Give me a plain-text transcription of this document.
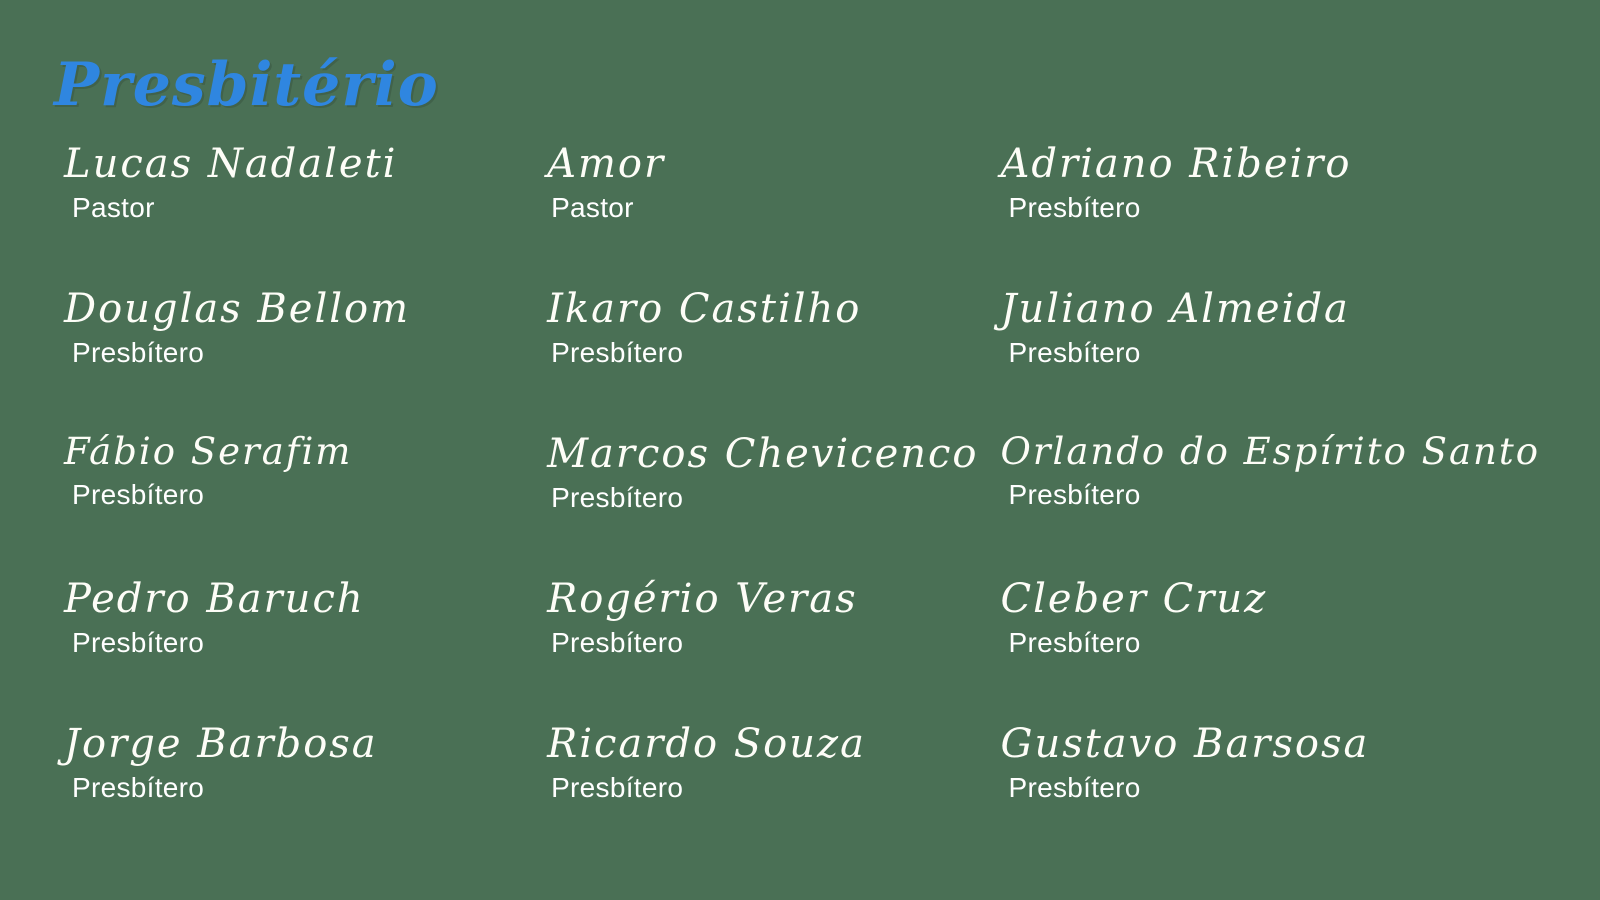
Presbitério
Lucas Nadaleti
Pastor
Amor
Pastor
Adriano Ribeiro
Presbítero
Douglas Bellom
Presbítero
Ikaro Castilho
Presbítero
Juliano Almeida
Presbítero
Fábio Serafim
Presbítero
Marcos Chevicenco
Presbítero
Orlando do Espírito Santo
Presbítero
Pedro Baruch
Presbítero
Rogério Veras
Presbítero
Cleber Cruz
Presbítero
Jorge Barbosa
Presbítero
Ricardo Souza
Presbítero
Gustavo Barsosa
Presbítero
